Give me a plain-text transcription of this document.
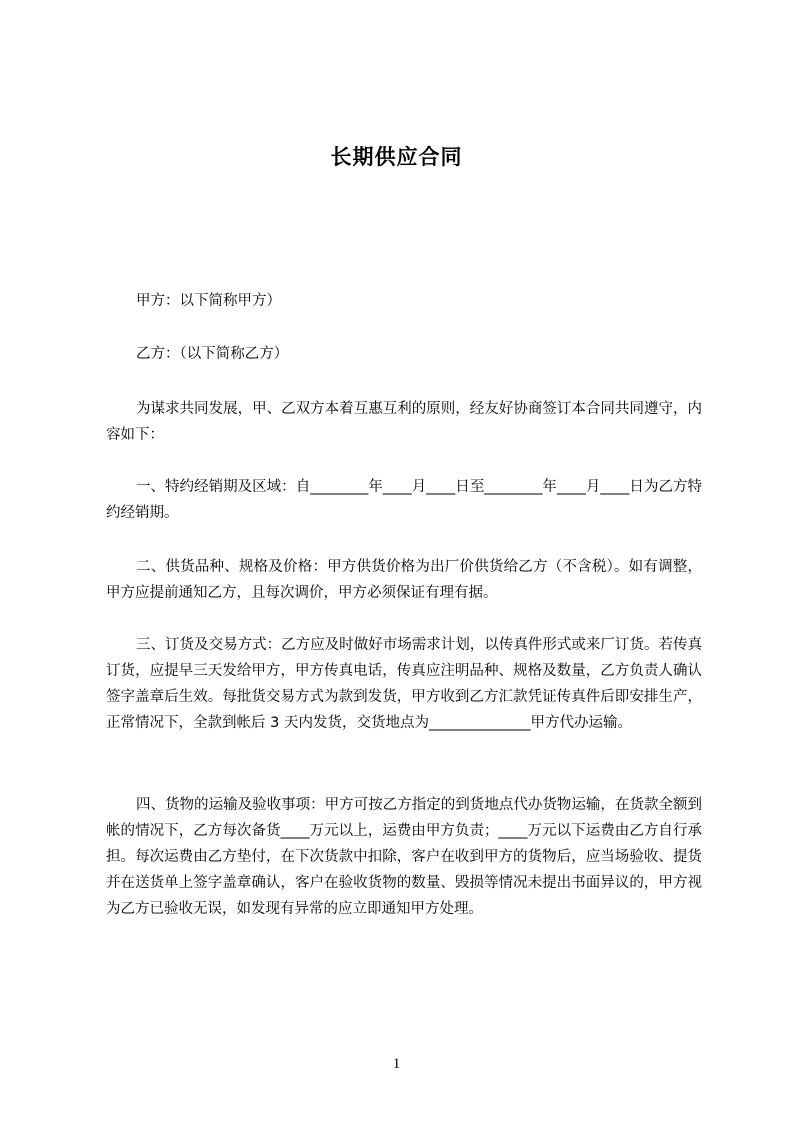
长期供应合同

甲方：以下简称甲方）

乙方：（以下简称乙方）

为谋求共同发展，甲、乙双方本着互惠互利的原则，经友好协商签订本合同共同遵守，内容如下：

一、特约经销期及区域：自________年____月____日至________年____月____日为乙方特约经销期。

二、供货品种、规格及价格：甲方供货价格为出厂价供货给乙方（不含税）。如有调整，甲方应提前通知乙方，且每次调价，甲方必须保证有理有据。

三、订货及交易方式：乙方应及时做好市场需求计划，以传真件形式或来厂订货。若传真订货，应提早三天发给甲方，甲方传真电话，传真应注明品种、规格及数量，乙方负责人确认签字盖章后生效。每批货交易方式为款到发货，甲方收到乙方汇款凭证传真件后即安排生产，正常情况下，全款到帐后 3 天内发货，交货地点为______________甲方代办运输。

四、货物的运输及验收事项：甲方可按乙方指定的到货地点代办货物运输，在货款全额到帐的情况下，乙方每次备货____万元以上，运费由甲方负责；____万元以下运费由乙方自行承担。每次运费由乙方垫付，在下次货款中扣除，客户在收到甲方的货物后，应当场验收、提货并在送货单上签字盖章确认，客户在验收货物的数量、毁损等情况未提出书面异议的，甲方视为乙方已验收无误，如发现有异常的应立即通知甲方处理。

1
